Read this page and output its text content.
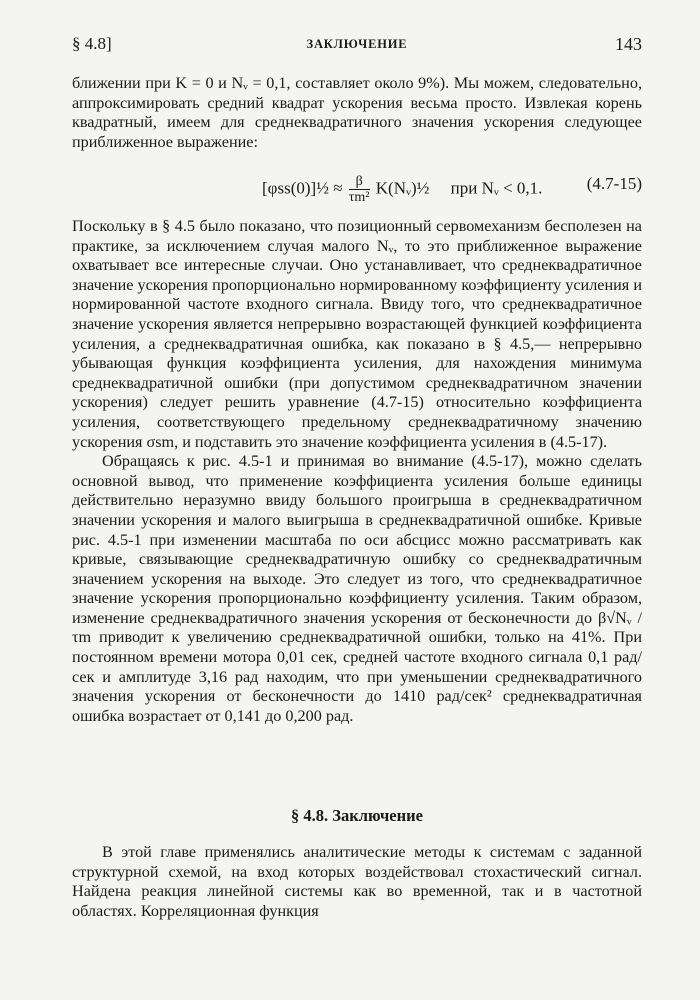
§ 4.8]	ЗАКЛЮЧЕНИЕ	143

ближении при K = 0 и Nᵥ = 0,1, составляет около 9%). Мы можем, следовательно, аппроксимировать средний квадрат ускорения весьма просто. Извлекая корень квадратный, имеем для среднеквадратичного значения ускорения следующее приближенное выражение:

[φss(0)]½ ≈ $\frac{\beta}{\text{τm²}}$ K(Nᵥ)½ при Nᵥ < 0,1.	(4.7-15)

Поскольку в § 4.5 было показано, что позиционный сервомеханизм бесполезен на практике, за исключением случая малого Nᵥ, то это приближенное выражение охватывает все интересные случаи. Оно устанавливает, что среднеквадратичное значение ускорения пропорционально нормированному коэффициенту усиления и нормированной частоте входного сигнала. Ввиду того, что среднеквадратичное значение ускорения является непрерывно возрастающей функцией коэффициента усиления, а среднеквадратичная ошибка, как показано в § 4.5,— непрерывно убывающая функция коэффициента усиления, для нахождения минимума среднеквадратичной ошибки (при допустимом среднеквадратичном значении ускорения) следует решить уравнение (4.7-15) относительно коэффициента усиления, соответствующего предельному среднеквадратичному значению ускорения σsm, и подставить это значение коэффициента усиления в (4.5-17).

Обращаясь к рис. 4.5-1 и принимая во внимание (4.5-17), можно сделать основной вывод, что применение коэффициента усиления больше единицы действительно неразумно ввиду большого проигрыша в среднеквадратичном значении ускорения и малого выигрыша в среднеквадратичной ошибке. Кривые рис. 4.5-1 при изменении масштаба по оси абсцисс можно рассматривать как кривые, связывающие среднеквадратичную ошибку со среднеквадратичным значением ускорения на выходе. Это следует из того, что среднеквадратичное значение ускорения пропорционально коэффициенту усиления. Таким образом, изменение среднеквадратичного значения ускорения от бесконечности до β√Nᵥ / τm приводит к увеличению среднеквадратичной ошибки, только на 41%. При постоянном времени мотора 0,01 сек, средней частоте входного сигнала 0,1 рад/сек и амплитуде 3,16 рад находим, что при уменьшении среднеквадратичного значения ускорения от бесконечности до 1410 рад/сек² среднеквадратичная ошибка возрастает от 0,141 до 0,200 рад.

§ 4.8. Заключение

В этой главе применялись аналитические методы к системам с заданной структурной схемой, на вход которых воздействовал стохастический сигнал. Найдена реакция линейной системы как во временной, так и в частотной областях. Корреляционная функция
